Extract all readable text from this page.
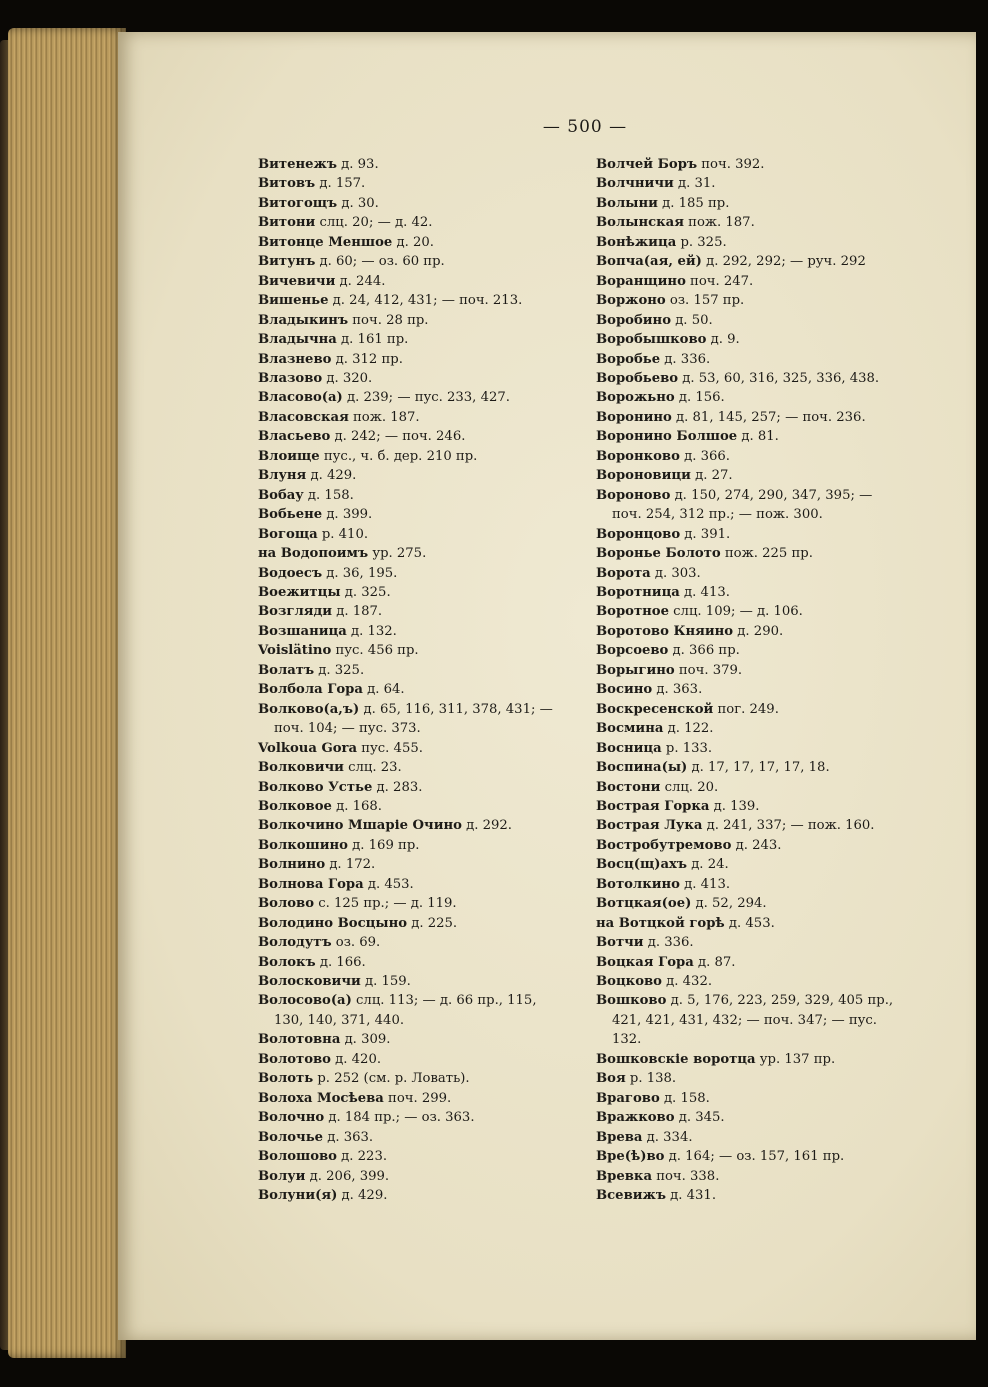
— 500 —
Витенежъ д. 93.
Витовъ д. 157.
Витогощъ д. 30.
Витони слц. 20; — д. 42.
Витонце Меншое д. 20.
Витунъ д. 60; — оз. 60 пр.
Вичевичи д. 244.
Вишенье д. 24, 412, 431; — поч. 213.
Владыкинъ поч. 28 пр.
Владычна д. 161 пр.
Влазнево д. 312 пр.
Влазово д. 320.
Власово(а) д. 239; — пус. 233, 427.
Власовская пож. 187.
Власьево д. 242; — поч. 246.
Влоище пус., ч. б. дер. 210 пр.
Влуня д. 429.
Вобау д. 158.
Вобьене д. 399.
Вогоща р. 410.
на Водопоимъ ур. 275.
Водоесъ д. 36, 195.
Воежитцы д. 325.
Возгляди д. 187.
Возшаница д. 132.
Voislätino пус. 456 пр.
Волатъ д. 325.
Волбола Гора д. 64.
Волково(а,ъ) д. 65, 116, 311, 378, 431; —
поч. 104; — пус. 373.
Volkoua Gora пус. 455.
Волковичи слц. 23.
Волково Устье д. 283.
Волковое д. 168.
Волкочино Мшаріе Очино д. 292.
Волкошино д. 169 пр.
Волнино д. 172.
Волнова Гора д. 453.
Волово с. 125 пр.; — д. 119.
Володино Восцыно д. 225.
Володутъ оз. 69.
Волокъ д. 166.
Волосковичи д. 159.
Волосово(а) слц. 113; — д. 66 пр., 115,
130, 140, 371, 440.
Волотовна д. 309.
Волотово д. 420.
Волоть р. 252 (см. р. Ловать).
Волоха Мосѣева поч. 299.
Волочно д. 184 пр.; — оз. 363.
Волочье д. 363.
Волошово д. 223.
Волуи д. 206, 399.
Волуни(я) д. 429.
Волчей Боръ поч. 392.
Волчничи д. 31.
Волыни д. 185 пр.
Волынская пож. 187.
Вонѣжица р. 325.
Вопча(ая, ей) д. 292, 292; — руч. 292
Воранщино поч. 247.
Воржоно оз. 157 пр.
Воробино д. 50.
Воробышково д. 9.
Воробье д. 336.
Воробьево д. 53, 60, 316, 325, 336, 438.
Ворожьно д. 156.
Воронино д. 81, 145, 257; — поч. 236.
Воронино Болшое д. 81.
Воронково д. 366.
Вороновици д. 27.
Вороново д. 150, 274, 290, 347, 395; —
поч. 254, 312 пр.; — пож. 300.
Воронцово д. 391.
Воронье Болото пож. 225 пр.
Ворота д. 303.
Воротница д. 413.
Воротное слц. 109; — д. 106.
Воротово Княино д. 290.
Ворсоево д. 366 пр.
Ворыгино поч. 379.
Восино д. 363.
Воскресенской пог. 249.
Восмина д. 122.
Восница р. 133.
Воспина(ы) д. 17, 17, 17, 17, 18.
Востони слц. 20.
Вострая Горка д. 139.
Вострая Лука д. 241, 337; — пож. 160.
Востробутремово д. 243.
Восц(щ)ахъ д. 24.
Вотолкино д. 413.
Вотцкая(ое) д. 52, 294.
на Вотцкой горѣ д. 453.
Вотчи д. 336.
Воцкая Гора д. 87.
Воцково д. 432.
Вошково д. 5, 176, 223, 259, 329, 405 пр.,
421, 421, 431, 432; — поч. 347; — пус.
132.
Вошковскіе воротца ур. 137 пр.
Воя р. 138.
Врагово д. 158.
Вражково д. 345.
Врева д. 334.
Вре(ѣ)во д. 164; — оз. 157, 161 пр.
Вревка поч. 338.
Всевижъ д. 431.
